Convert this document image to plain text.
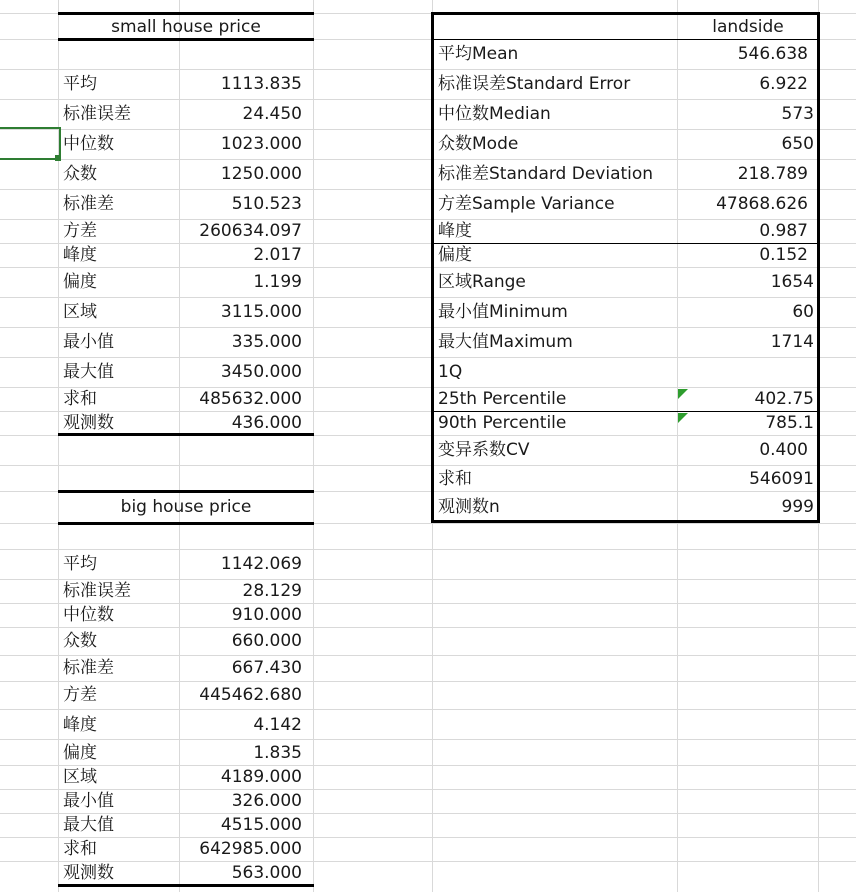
small house price
平均	1113.835
标准误差	24.450
中位数	1023.000
众数	1250.000
标准差	510.523
方差	260634.097
峰度	2.017
偏度	1.199
区域	3115.000
最小值	335.000
最大值	3450.000
求和	485632.000
观测数	436.000
big house price
平均	1142.069
标准误差	28.129
中位数	910.000
众数	660.000
标准差	667.430
方差	445462.680
峰度	4.142
偏度	1.835
区域	4189.000
最小值	326.000
最大值	4515.000
求和	642985.000
观测数	563.000
landside
平均Mean	546.638
标准误差Standard Error	6.922
中位数Median	573
众数Mode	650
标准差Standard Deviation	218.789
方差Sample Variance	47868.626
峰度	0.987
偏度	0.152
区域Range	1654
最小值Minimum	60
最大值Maximum	1714
1Q
25th Percentile	402.75
90th Percentile	785.1
变异系数CV	0.400
求和	546091
观测数n	999
